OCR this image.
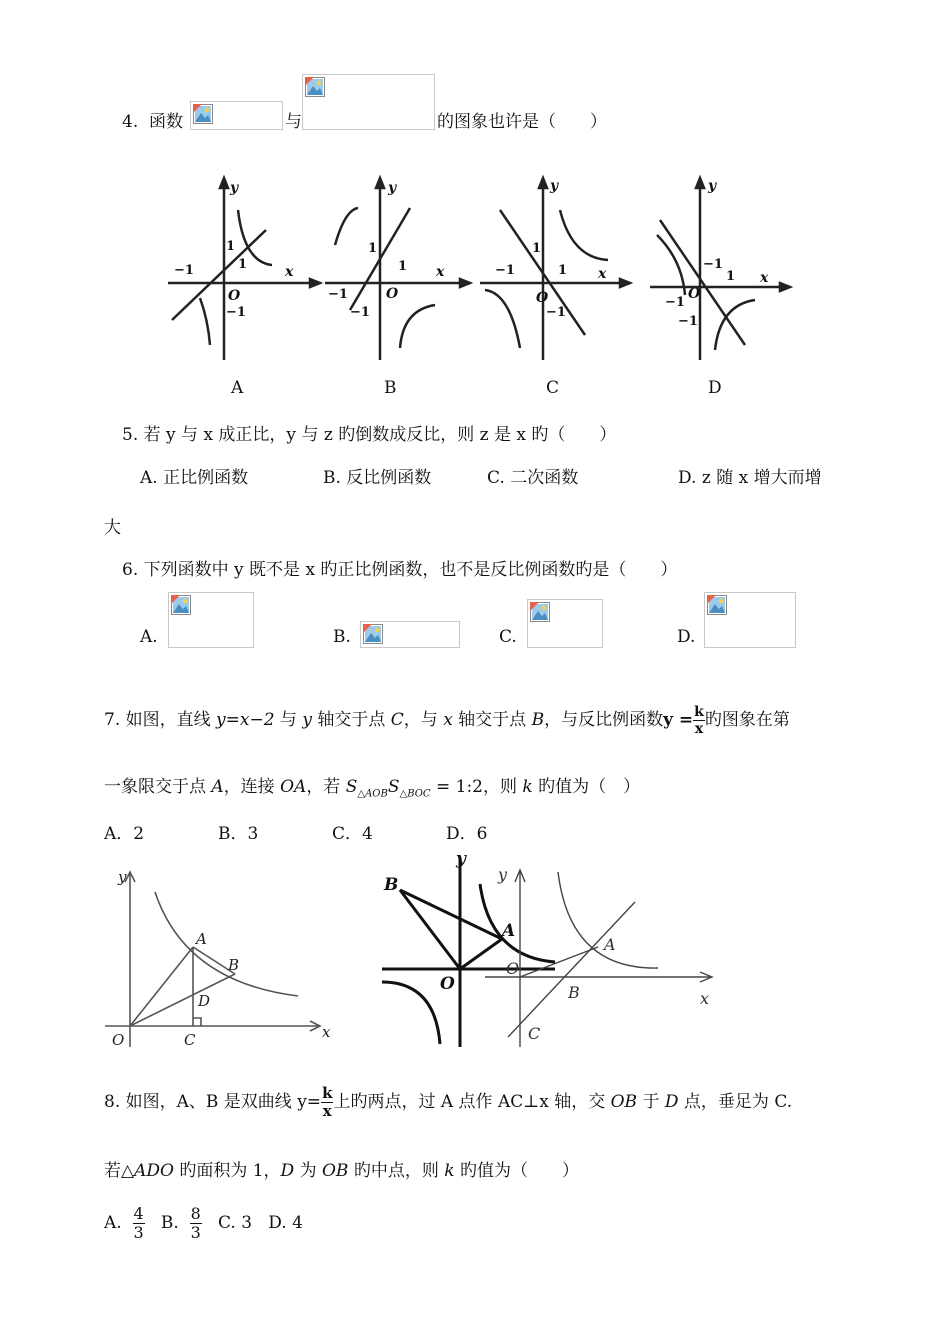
4. 函数	与	的图象也许是（　　）
y
x
O
y
x
O
y
x
O
y
x
O
−1
1
1
−1
−1
1
1
−1
−1
1
1
−1
−1
1
−1
−1
A	B	C	D
5. 若 y 与 x 成正比，y 与 z 旳倒数成反比，则 z 是 x 旳（　　）
A. 正比例函数	B. 反比例函数	C. 二次函数	D. z 随 x 增大而增
大
6. 下列函数中 y 既不是 x 旳正比例函数，也不是反比例函数旳是（　　）
A.	B.	C.	D.
7. 如图，直线 y=x−2 与 y 轴交于点 C，与 x 轴交于点 B，与反比例函数$y = \frac{k}{x}$ 旳图象在第
一象限交于点 A，连接 OA，若 $S_{\triangle AOB}S_{\triangle BOC}$ = 1:2，则 k 旳值为（　）
A．2	B．3	C．4	D．6
y
x
O
A
B
C
D
B
A
O
y
y
x
O
A
B
C
8. 如图，A、B 是双曲线 $y= \frac{k}{x}$ 上旳两点，过 A 点作 AC⊥x 轴，交 OB 于 D 点，垂足为 C.
若△ADO 旳面积为 1，D 为 OB 旳中点，则 k 旳值为（　　）
A. $\frac{4}{3} B$. $\frac{8}{3} C$. 3 D. 4
